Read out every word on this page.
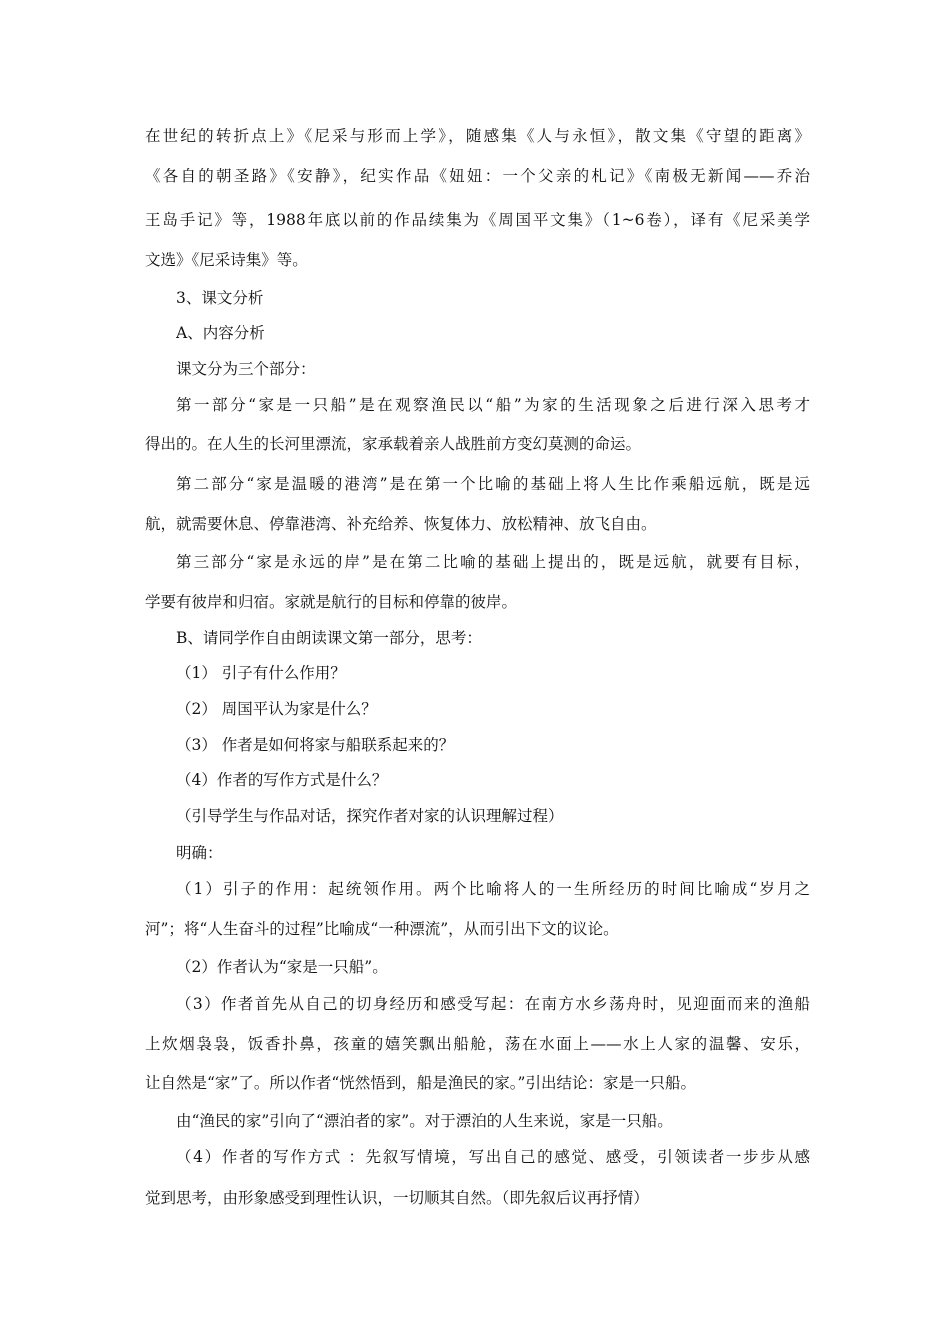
在世纪的转折点上》《尼采与形而上学》，随感集《人与永恒》，散文集《守望的距离》
《各自的朝圣路》《安静》，纪实作品《妞妞：一个父亲的札记》《南极无新闻——乔治
王岛手记》等，1988年底以前的作品续集为《周国平文集》（1~6卷），译有《尼采美学
文选》《尼采诗集》等。
3、课文分析
A、内容分析
课文分为三个部分：
第一部分“家是一只船”是在观察渔民以“船”为家的生活现象之后进行深入思考才
得出的。在人生的长河里漂流，家承载着亲人战胜前方变幻莫测的命运。
第二部分“家是温暖的港湾”是在第一个比喻的基础上将人生比作乘船远航，既是远
航，就需要休息、停靠港湾、补充给养、恢复体力、放松精神、放飞自由。
第三部分“家是永远的岸”是在第二比喻的基础上提出的，既是远航，就要有目标，
学要有彼岸和归宿。家就是航行的目标和停靠的彼岸。
B、请同学作自由朗读课文第一部分，思考：
（1） 引子有什么作用？
（2） 周国平认为家是什么？
（3） 作者是如何将家与船联系起来的？
（4）作者的写作方式是什么？
（引导学生与作品对话，探究作者对家的认识理解过程）
明确：
（1）引子的作用：起统领作用。两个比喻将人的一生所经历的时间比喻成“岁月之
河”；将“人生奋斗的过程”比喻成“一种漂流”，从而引出下文的议论。
（2）作者认为“家是一只船”。
（3）作者首先从自己的切身经历和感受写起：在南方水乡荡舟时，见迎面而来的渔船
上炊烟袅袅，饭香扑鼻，孩童的嬉笑飘出船舱，荡在水面上——水上人家的温馨、安乐，
让自然是“家”了。所以作者“恍然悟到，船是渔民的家。”引出结论：家是一只船。
由“渔民的家”引向了“漂泊者的家”。对于漂泊的人生来说，家是一只船。
（4）作者的写作方式 ：先叙写情境，写出自己的感觉、感受，引领读者一步步从感
觉到思考，由形象感受到理性认识，一切顺其自然。（即先叙后议再抒情）
